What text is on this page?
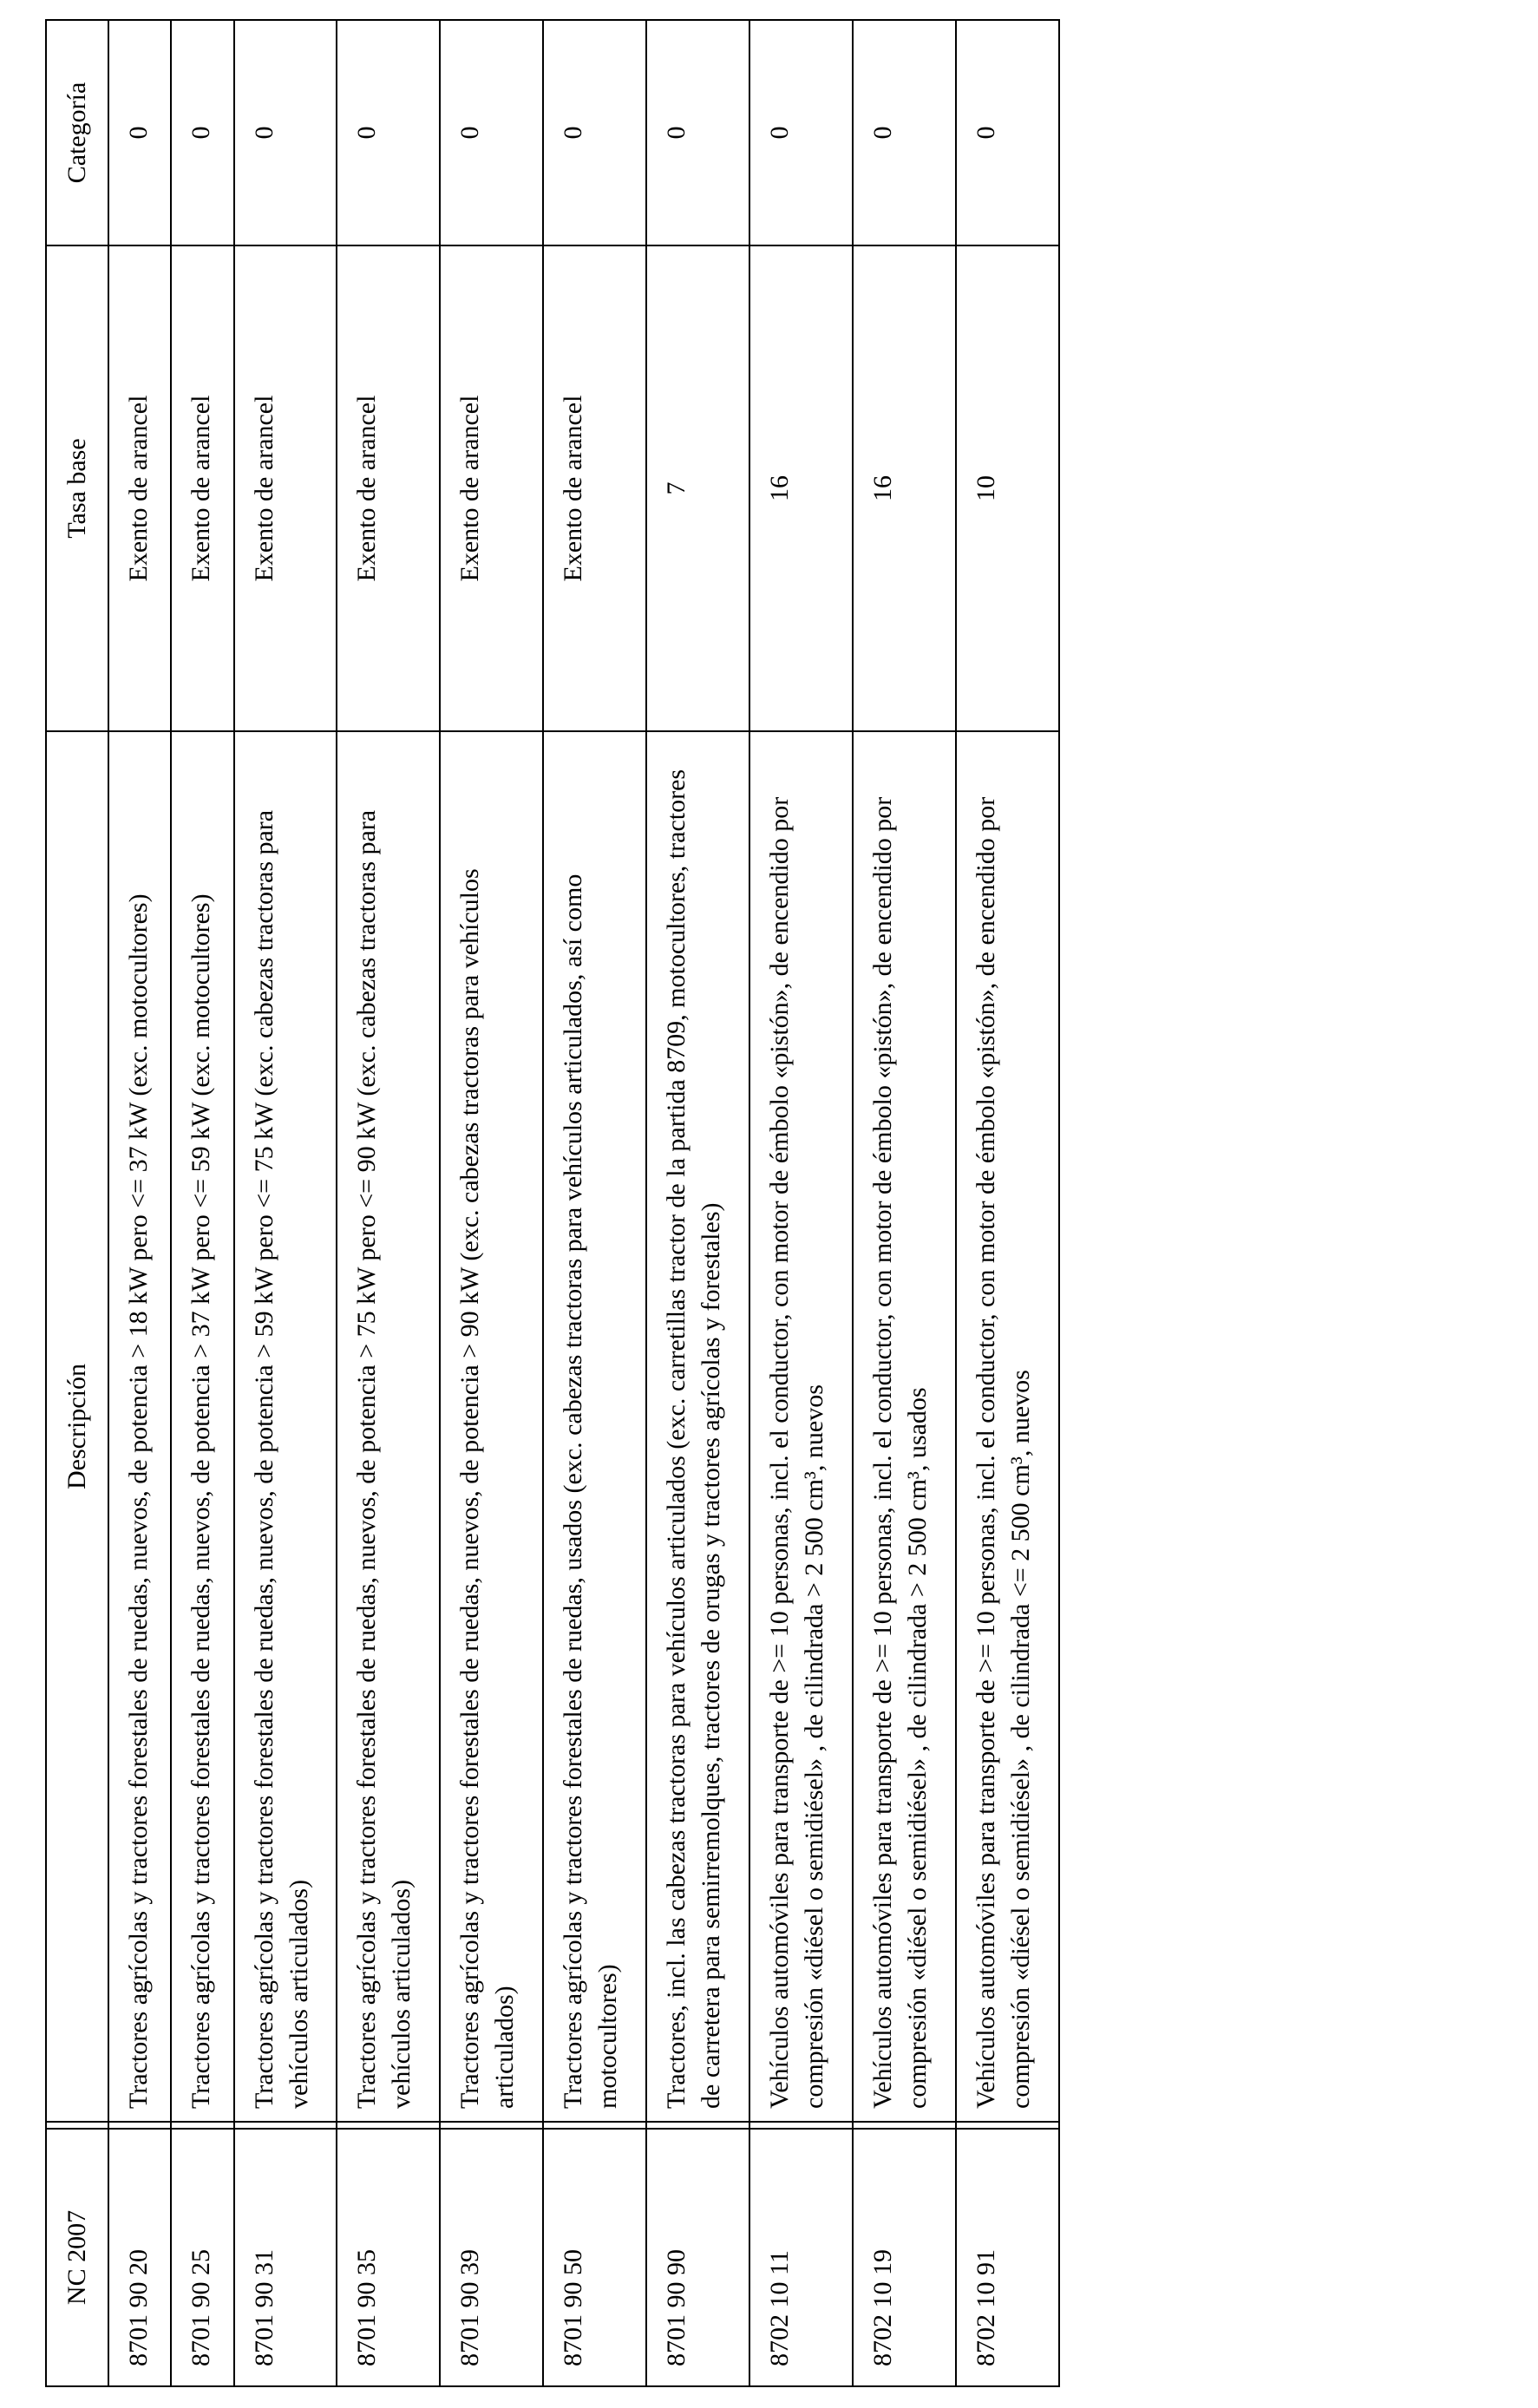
NC 2007		Descripción	Tasa base	Categoría
8701 90 20		Tractores agrícolas y tractores forestales de ruedas, nuevos, de potencia > 18 kW pero <= 37 kW (exc. motocultores)	Exento de arancel	0
8701 90 25		Tractores agrícolas y tractores forestales de ruedas, nuevos, de potencia > 37 kW pero <= 59 kW (exc. motocultores)	Exento de arancel	0
8701 90 31		Tractores agrícolas y tractores forestales de ruedas, nuevos, de potencia > 59 kW pero <= 75 kW (exc. cabezas tractoras para vehículos articulados)	Exento de arancel	0
8701 90 35		Tractores agrícolas y tractores forestales de ruedas, nuevos, de potencia > 75 kW pero <= 90 kW (exc. cabezas tractoras para vehículos articulados)	Exento de arancel	0
8701 90 39		Tractores agrícolas y tractores forestales de ruedas, nuevos, de potencia > 90 kW (exc. cabezas tractoras para vehículos articulados)	Exento de arancel	0
8701 90 50		Tractores agrícolas y tractores forestales de ruedas, usados (exc. cabezas tractoras para vehículos articulados, así como motocultores)	Exento de arancel	0
8701 90 90		Tractores, incl. las cabezas tractoras para vehículos articulados (exc. carretillas tractor de la partida 8709, motocultores, tractores de carretera para semirremolques, tractores de orugas y tractores agrícolas y forestales)	7	0
8702 10 11		Vehículos automóviles para transporte de >= 10 personas, incl. el conductor, con motor de émbolo «pistón», de encendido por compresión «diésel o semidiésel» , de cilindrada > 2 500 cm³, nuevos	16	0
8702 10 19		Vehículos automóviles para transporte de >= 10 personas, incl. el conductor, con motor de émbolo «pistón», de encendido por compresión «diésel o semidiésel» , de cilindrada > 2 500 cm³, usados	16	0
8702 10 91		Vehículos automóviles para transporte de >= 10 personas, incl. el conductor, con motor de émbolo «pistón», de encendido por compresión «diésel o semidiésel» , de cilindrada <= 2 500 cm³, nuevos	10	0
